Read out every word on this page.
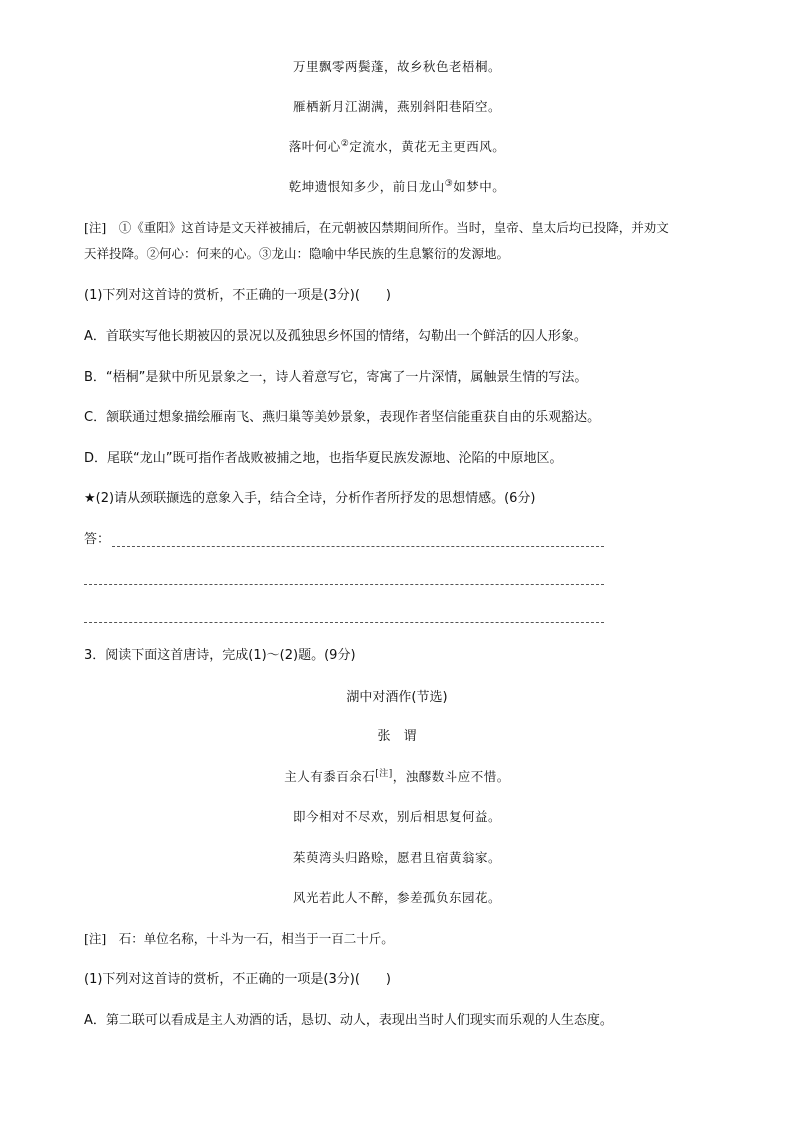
万里飘零两鬓蓬，故乡秋色老梧桐。
雁栖新月江湖满，燕别斜阳巷陌空。
落叶何心②定流水，黄花无主更西风。
乾坤遗恨知多少，前日龙山③如梦中。
[注]　①《重阳》这首诗是文天祥被捕后，在元朝被囚禁期间所作。当时，皇帝、皇太后均已投降，并劝文
天祥投降。②何心：何来的心。③龙山：隐喻中华民族的生息繁衍的发源地。
(1)下列对这首诗的赏析，不正确的一项是(3分)(　　)
A．首联实写他长期被囚的景况以及孤独思乡怀国的情绪，勾勒出一个鲜活的囚人形象。
B．“梧桐”是狱中所见景象之一，诗人着意写它，寄寓了一片深情，属触景生情的写法。
C．颔联通过想象描绘雁南飞、燕归巢等美妙景象，表现作者坚信能重获自由的乐观豁达。
D．尾联“龙山”既可指作者战败被捕之地，也指华夏民族发源地、沦陷的中原地区。
★(2)请从颈联撷选的意象入手，结合全诗，分析作者所抒发的思想情感。(6分)
答：
3．阅读下面这首唐诗，完成(1)～(2)题。(9分)
湖中对酒作(节选)
张　谓
主人有黍百余石[注]，浊醪数斗应不惜。
即今相对不尽欢，别后相思复何益。
茱萸湾头归路赊，愿君且宿黄翁家。
风光若此人不醉，参差孤负东园花。
[注]　石：单位名称，十斗为一石，相当于一百二十斤。
(1)下列对这首诗的赏析，不正确的一项是(3分)(　　)
A．第二联可以看成是主人劝酒的话，恳切、动人，表现出当时人们现实而乐观的人生态度。
